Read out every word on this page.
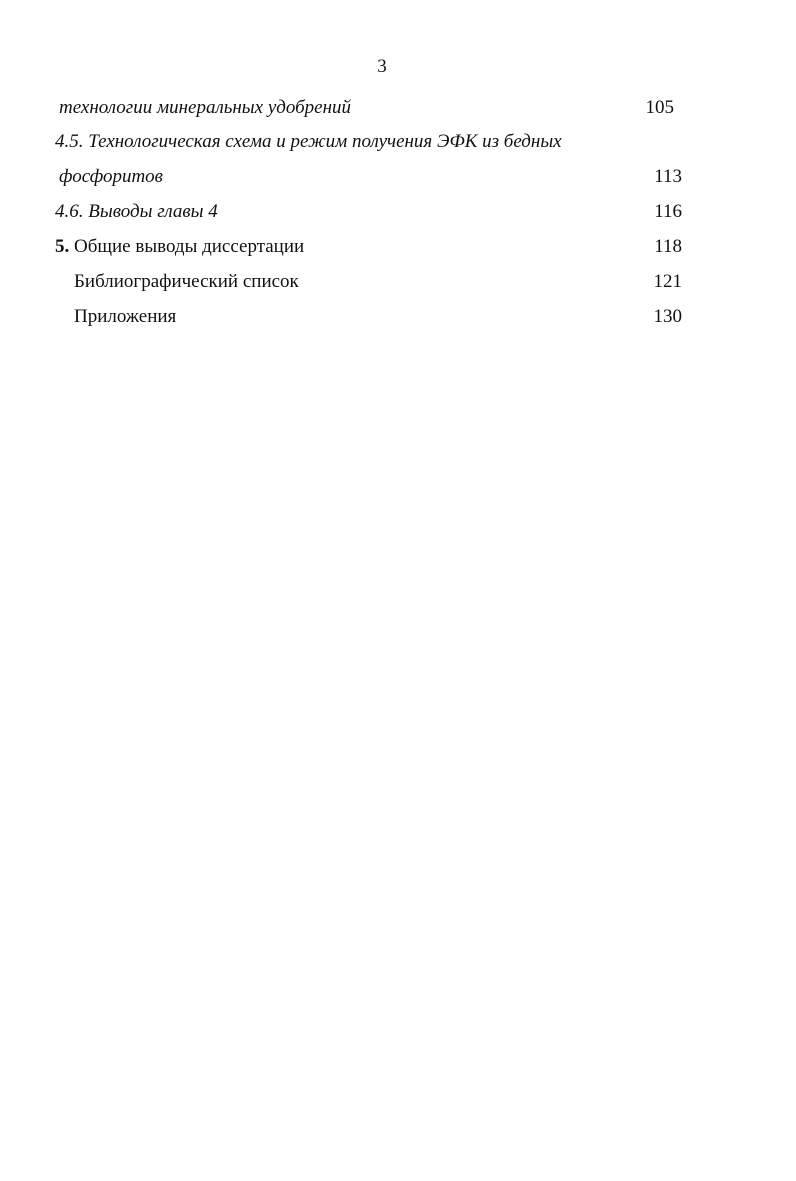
3
технологии минеральных удобрений	105
4.5. Технологическая схема и режим получения ЭФК из бедных
фосфоритов	113
4.6. Выводы главы 4	116
5. Общие выводы диссертации	118
Библиографический список	121
Приложения	130
